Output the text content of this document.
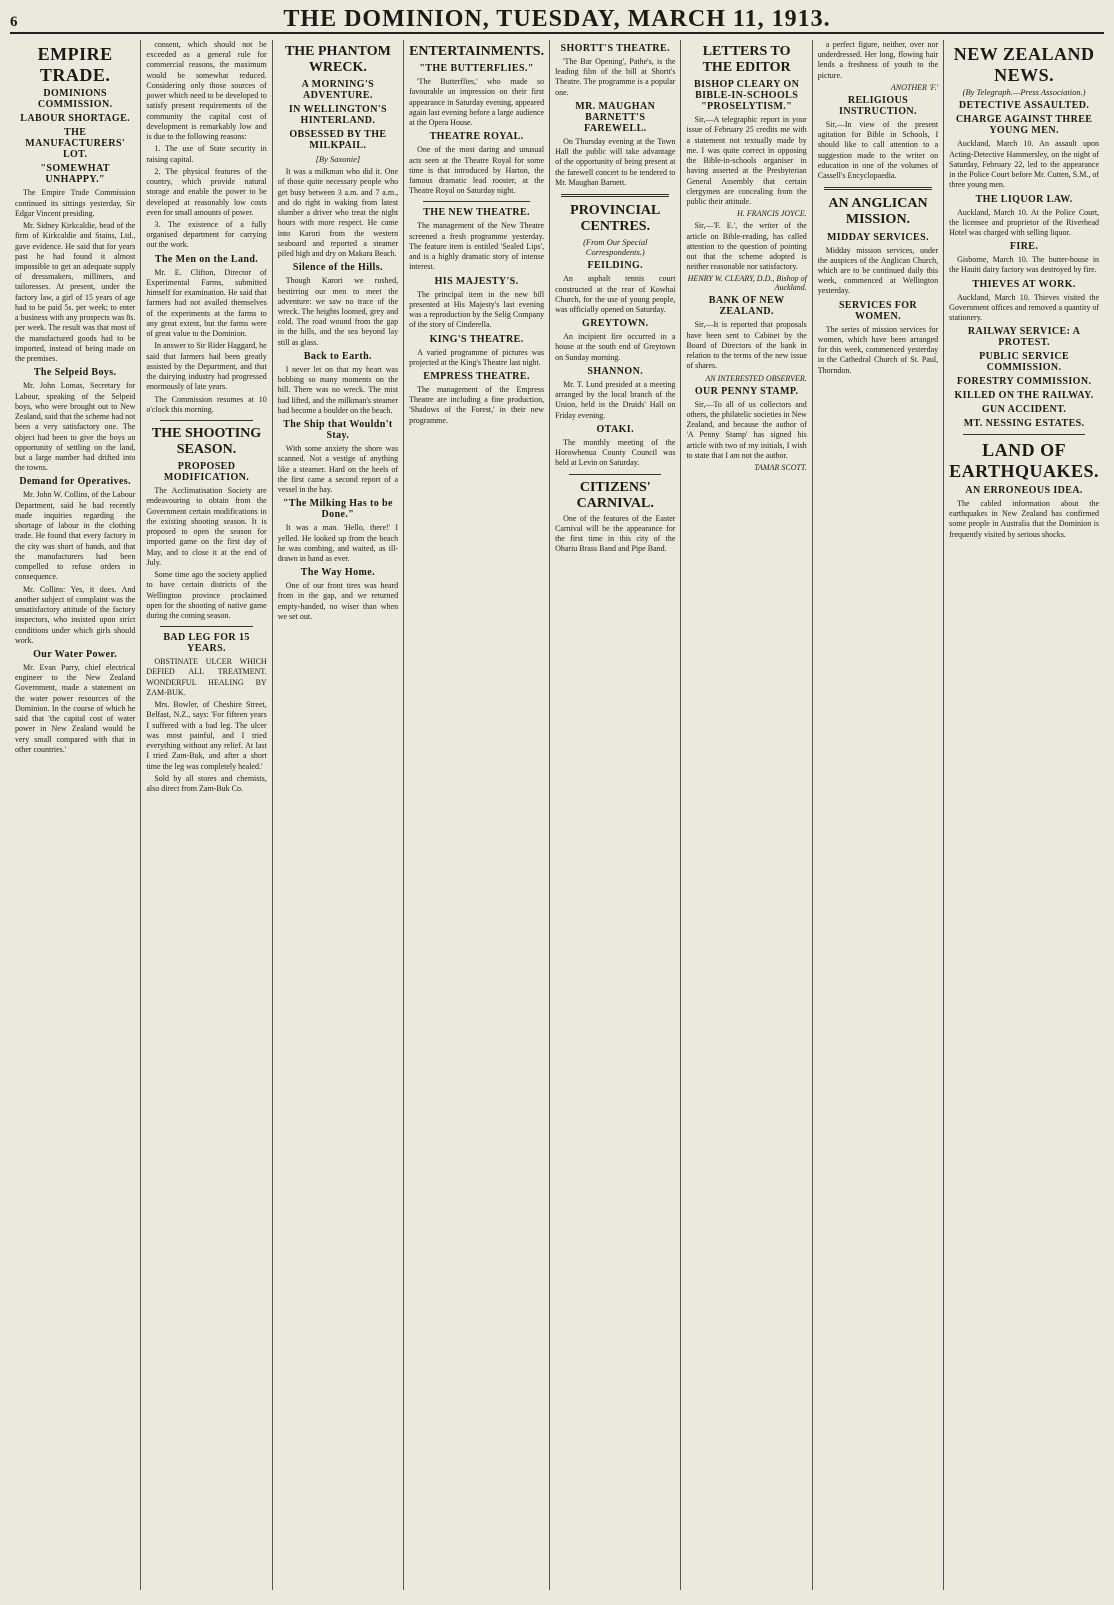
6	THE DOMINION, TUESDAY, MARCH 11, 1913.
EMPIRE TRADE.
DOMINIONS COMMISSION.
LABOUR SHORTAGE.
THE MANUFACTURERS' LOT.
"SOMEWHAT UNHAPPY."

The Empire Trade Commission continued its sittings yesterday, Sir Edgar Vincent presiding.

Mr. Sidney Kirkcaldie, head of the firm of Kirkcaldie and Stains, Ltd., gave evidence. He said that for years past he had found it almost impossible to get an adequate supply of dressmakers, milliners, and tailoresses. At present, under the factory law, a girl of 15 years of age had to be paid 5s. per week; to enter a business with any prospects was 8s. per week. The result was that most of the manufactured goods had to be imported, instead of being made on the premises.

The Selpeid Boys.

Mr. John Lomas, Secretary for Labour, speaking of the Selpeid boys, who were brought out to New Zealand, said that the scheme had not been a very satisfactory one. The object had been to give the boys an opportunity of settling on the land, but a large number had drifted into the towns.

Demand for Operatives.

Mr. John W. Collins, of the Labour Department, said he had recently made inquiries regarding the shortage of labour in the clothing trade. He found that every factory in the city was short of hands, and that the manufacturers had been compelled to refuse orders in consequence.

Mr. Collins: Yes, it does. And another subject of complaint was the unsatisfactory attitude of the factory inspectors, who insisted upon strict conditions under which girls should work.

Our Water Power.

Mr. Evan Parry, chief electrical engineer to the New Zealand Government, made a statement on the water power resources of the Dominion. In the course of which he said that 'the capital cost of water power in New Zealand would be very small compared with that in other countries.'

consent, which should not be exceeded as a general rule for commercial reasons, the maximum would be somewhat reduced. Considering only those sources of power which need to be developed to satisfy present requirements of the community the capital cost of development is remarkably low and is due to the following reasons:

1. The use of State security in raising capital.

2. The physical features of the country, which provide natural storage and enable the power to be developed at reasonably low costs even for small amounts of power.

3. The existence of a fully organised department for carrying out the work.

The Men on the Land.

Mr. E. Clifton, Director of Experimental Farms, submitted himself for examination. He said that farmers had not availed themselves of the experiments at the farms to any great extent, but the farms were of great value to the Dominion.

In answer to Sir Rider Haggard, he said that farmers had been greatly assisted by the Department, and that the dairying industry had progressed enormously of late years.

The Commission resumes at 10 o'clock this morning.

THE SHOOTING SEASON.
PROPOSED MODIFICATION.

The Acclimatisation Society are endeavouring to obtain from the Government certain modifications in the existing shooting season. It is proposed to open the season for imported game on the first day of May, and to close it at the end of July.

Some time ago the society applied to have certain districts of the Wellington province proclaimed open for the shooting of native game during the coming season.

BAD LEG FOR 15 YEARS.

OBSTINATE ULCER WHICH DEFIED ALL TREATMENT. WONDERFUL HEALING BY ZAM-BUK.

Mrs. Bowler, of Cheshire Street, Belfast, N.Z., says: 'For fifteen years I suffered with a bad leg. The ulcer was most painful, and I tried everything without any relief. At last I tried Zam-Buk, and after a short time the leg was completely healed.'

Sold by all stores and chemists, also direct from Zam-Buk Co.

THE PHANTOM WRECK.
A MORNING'S ADVENTURE.
IN WELLINGTON'S HINTERLAND.
OBSESSED BY THE MILKPAIL.
[By Saxonie]

It was a milkman who did it. One of those quite necessary people who get busy between 3 a.m. and 7 a.m., and do right in waking from latest slumber a driver who treat the night hours with more respect. He came into Karori from the western seaboard and reported a steamer piled high and dry on Makara Beach.

Silence of the Hills.

Though Karori we rushed, bestirring our men to meet the adventure: we saw no trace of the wreck. The heights loomed, grey and cold. The road wound from the gap in the hills, and the sea beyond lay still as glass.

Back to Earth.

I never let on that my heart was bobbing so many moments on the hill. There was no wreck. The mist had lifted, and the milkman's steamer had become a boulder on the beach.

The Ship that Wouldn't Stay.

With some anxiety the shore was scanned. Not a vestige of anything like a steamer. Hard on the heels of the first came a second report of a vessel in the bay.

"The Milking Has to be Done."

It was a man. 'Hello, there!' I yelled. He looked up from the beach he was combing, and waited, as ill-drawn in hand as ever.

The Way Home.

One of our front tires was heard from in the gap, and we returned empty-handed, no wiser than when we set out.

ENTERTAINMENTS.
"THE BUTTERFLIES."

'The Butterflies,' who made so favourable an impression on their first appearance in Saturday evening, appeared again last evening before a large audience at the Opera House.

THEATRE ROYAL.

One of the most daring and unusual acts seen at the Theatre Royal for some time is that introduced by Harton, the famous dramatic lead rooster, at the Theatre Royal on Saturday night.

THE NEW THEATRE.

The management of the New Theatre screened a fresh programme yesterday. The feature item is entitled 'Sealed Lips', and is a highly dramatic story of intense interest.

HIS MAJESTY'S.

The principal item in the new bill presented at His Majesty's last evening was a reproduction by the Selig Company of the story of Cinderella.

KING'S THEATRE.

A varied programme of pictures was projected at the King's Theatre last night.

EMPRESS THEATRE.

The management of the Empress Theatre are including a fine production, 'Shadows of the Forest,' in their new programme.

SHORTT'S THEATRE.

'The Bar Opening', Pathe's, is the leading film of the bill at Shortt's Theatre. The programme is a popular one.

MR. MAUGHAN BARNETT'S FAREWELL.

On Thursday evening at the Town Hall the public will take advantage of the opportunity of being present at the farewell concert to be tendered to Mr. Maughan Barnett.

PROVINCIAL CENTRES.
(From Our Special Correspondents.)
FEILDING.

An asphalt tennis court constructed at the rear of Kowhai Church, for the use of young people, was officially opened on Saturday.

GREYTOWN.

An incipient fire occurred in a house at the south end of Greytown on Sunday morning.

SHANNON.

Mr. T. Lund presided at a meeting arranged by the local branch of the Union, held in the Druids' Hall on Friday evening.

OTAKI.

The monthly meeting of the Horowhenua County Council was held at Levin on Saturday.

CITIZENS' CARNIVAL.

One of the features of the Easter Carnival will be the appearance for the first time in this city of the Ohariu Brass Band and Pipe Band.

LETTERS TO THE EDITOR
BISHOP CLEARY ON BIBLE-IN-SCHOOLS "PROSELYTISM."

Sir,—A telegraphic report in your issue of February 25 credits me with a statement not textually made by me. I was quite correct in opposing the Bible-in-schools organiser in having asserted at the Presbyterian General Assembly that certain clergymen are concealing from the public their attitude.

H. FRANCIS JOYCE.

Sir,—'F. E.', the writer of the article on Bible-reading, has called attention to the question of pointing out that the scheme adopted is neither reasonable nor satisfactory.

HENRY W. CLEARY, D.D., Bishop of Auckland.

BANK OF NEW ZEALAND.

Sir,—It is reported that proposals have been sent to Cabinet by the Board of Directors of the bank in relation to the terms of the new issue of shares.

AN INTERESTED OBSERVER.

OUR PENNY STAMP.

Sir,—To all of us collectors and others, the philatelic societies in New Zealand, and because the author of 'A Penny Stamp' has signed his article with two of my initials, I wish to state that I am not the author.

TAMAR SCOTT.

a perfect figure, neither, over nor underdressed. Her long, flowing hair lends a freshness of youth to the picture.

ANOTHER 'F.'

RELIGIOUS INSTRUCTION.

Sir,—In view of the present agitation for Bible in Schools, I should like to call attention to a suggestion made to the writer on education in one of the volumes of Cassell's Encyclopaedia.

AN ANGLICAN MISSION.
MIDDAY SERVICES.

Midday mission services, under the auspices of the Anglican Church, which are to be continued daily this week, commenced at Wellington yesterday.

SERVICES FOR WOMEN.

The series of mission services for women, which have been arranged for this week, commenced yesterday in the Cathedral Church of St. Paul, Thorndon.

NEW ZEALAND NEWS.
(By Telegraph.—Press Association.)
DETECTIVE ASSAULTED.
CHARGE AGAINST THREE YOUNG MEN.

Auckland, March 10. An assault upon Acting-Detective Hammersley, on the night of Saturday, February 22, led to the appearance in the Police Court before Mr. Cutten, S.M., of three young men.

THE LIQUOR LAW.

Auckland, March 10. At the Police Court, the licensee and proprietor of the Riverhead Hotel was charged with selling liquor.

FIRE.

Gisborne, March 10. The butter-house in the Hauiti dairy factory was destroyed by fire.

THIEVES AT WORK.

Auckland, March 10. Thieves visited the Government offices and removed a quantity of stationery.

RAILWAY SERVICE: A PROTEST.
PUBLIC SERVICE COMMISSION.
FORESTRY COMMISSION.
KILLED ON THE RAILWAY.
GUN ACCIDENT.
MT. NESSING ESTATES.
LAND OF EARTHQUAKES.
AN ERRONEOUS IDEA.

The cabled information about the earthquakes in New Zealand has confirmed some people in Australia that the Dominion is frequently visited by serious shocks.
